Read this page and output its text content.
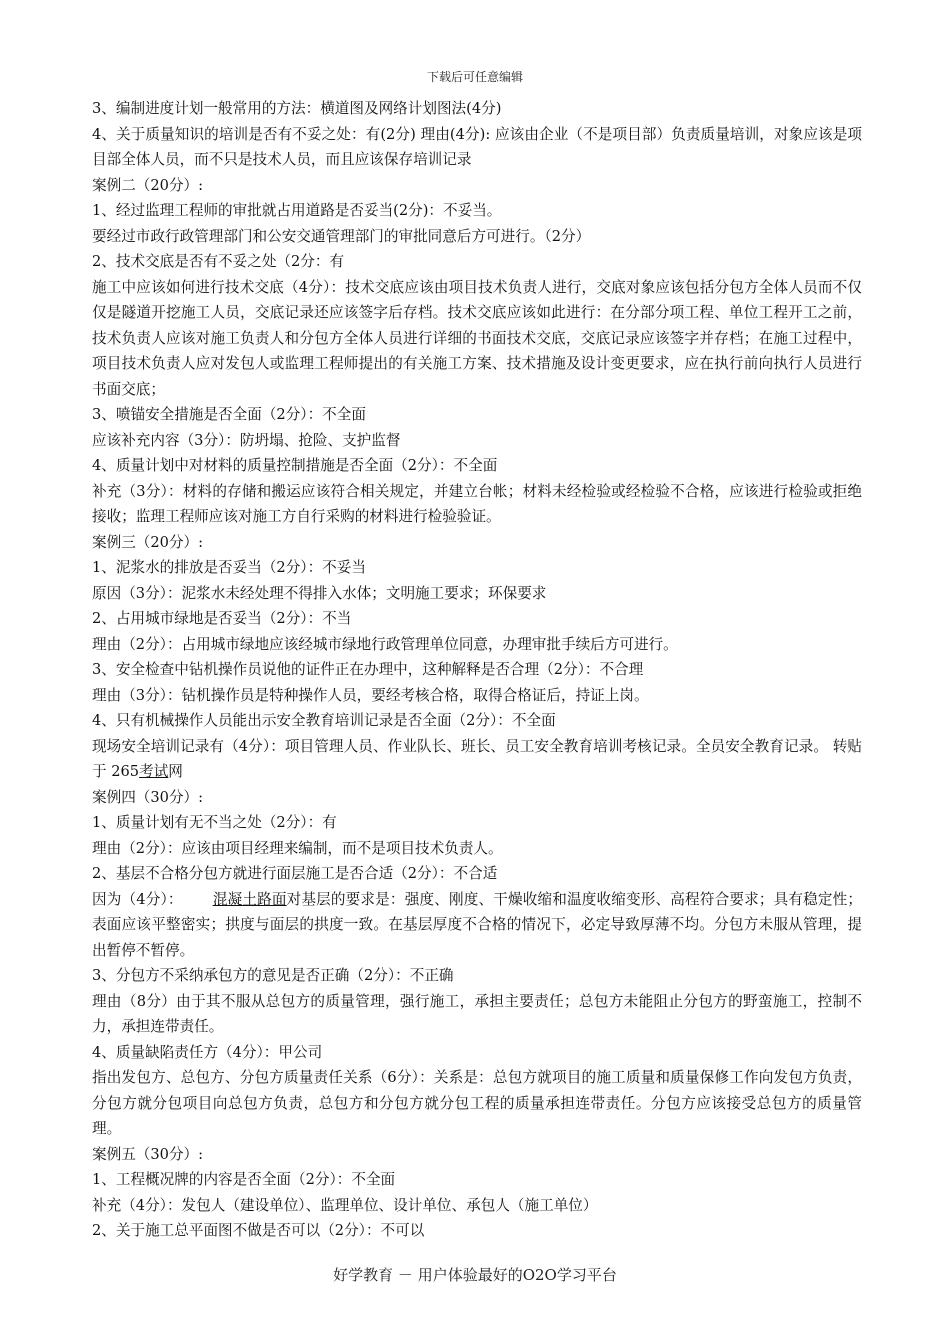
下载后可任意编辑

3、编制进度计划一般常用的方法：横道图及网络计划图法(4分)

4、关于质量知识的培训是否有不妥之处：有(2分) 理由(4分): 应该由企业（不是项目部）负责质量培训，对象应该是项目部全体人员，而不只是技术人员，而且应该保存培训记录

案例二（20分）:

1、经过监理工程师的审批就占用道路是否妥当(2分)：不妥当。

要经过市政行政管理部门和公安交通管理部门的审批同意后方可进行。（2分）

2、技术交底是否有不妥之处（2分：有

施工中应该如何进行技术交底（4分）：技术交底应该由项目技术负责人进行，交底对象应该包括分包方全体人员而不仅仅是隧道开挖施工人员，交底记录还应该签字后存档。技术交底应该如此进行：在分部分项工程、单位工程开工之前，技术负责人应该对施工负责人和分包方全体人员进行详细的书面技术交底，交底记录应该签字并存档；在施工过程中，项目技术负责人应对发包人或监理工程师提出的有关施工方案、技术措施及设计变更要求，应在执行前向执行人员进行书面交底；

3、喷锚安全措施是否全面（2分）：不全面

应该补充内容（3分）：防坍塌、抢险、支护监督

4、质量计划中对材料的质量控制措施是否全面（2分）：不全面

补充（3分）：材料的存储和搬运应该符合相关规定，并建立台帐；材料未经检验或经检验不合格，应该进行检验或拒绝接收；监理工程师应该对施工方自行采购的材料进行检验验证。

案例三（20分）:

1、泥浆水的排放是否妥当（2分）：不妥当

原因（3分）：泥浆水未经处理不得排入水体；文明施工要求；环保要求

2、占用城市绿地是否妥当（2分）：不当

理由（2分）：占用城市绿地应该经城市绿地行政管理单位同意，办理审批手续后方可进行。

3、安全检查中钻机操作员说他的证件正在办理中，这种解释是否合理（2分）：不合理

理由（3分）：钻机操作员是特种操作人员，要经考核合格，取得合格证后，持证上岗。

4、只有机械操作人员能出示安全教育培训记录是否全面（2分）：不全面

现场安全培训记录有（4分）：项目管理人员、作业队长、班长、员工安全教育培训考核记录。全员安全教育记录。 转贴于 265考试网

案例四（30分）:

1、质量计划有无不当之处（2分）：有

理由（2分）：应该由项目经理来编制，而不是项目技术负责人。

2、基层不合格分包方就进行面层施工是否合适（2分）：不合适

因为（4分）： 混凝土路面对基层的要求是：强度、刚度、干燥收缩和温度收缩变形、高程符合要求；具有稳定性；表面应该平整密实；拱度与面层的拱度一致。在基层厚度不合格的情况下，必定导致厚薄不均。分包方未服从管理，提出暂停不暂停。

3、分包方不采纳承包方的意见是否正确（2分）：不正确

理由（8分）由于其不服从总包方的质量管理，强行施工，承担主要责任；总包方未能阻止分包方的野蛮施工，控制不力，承担连带责任。

4、质量缺陷责任方（4分）：甲公司

指出发包方、总包方、分包方质量责任关系（6分）：关系是：总包方就项目的施工质量和质量保修工作向发包方负责，分包方就分包项目向总包方负责，总包方和分包方就分包工程的质量承担连带责任。分包方应该接受总包方的质量管理。

案例五（30分）:

1、工程概况牌的内容是否全面（2分）：不全面

补充（4分）：发包人（建设单位）、监理单位、设计单位、承包人（施工单位）

2、关于施工总平面图不做是否可以（2分）：不可以

好学教育 － 用户体验最好的O2O学习平台
